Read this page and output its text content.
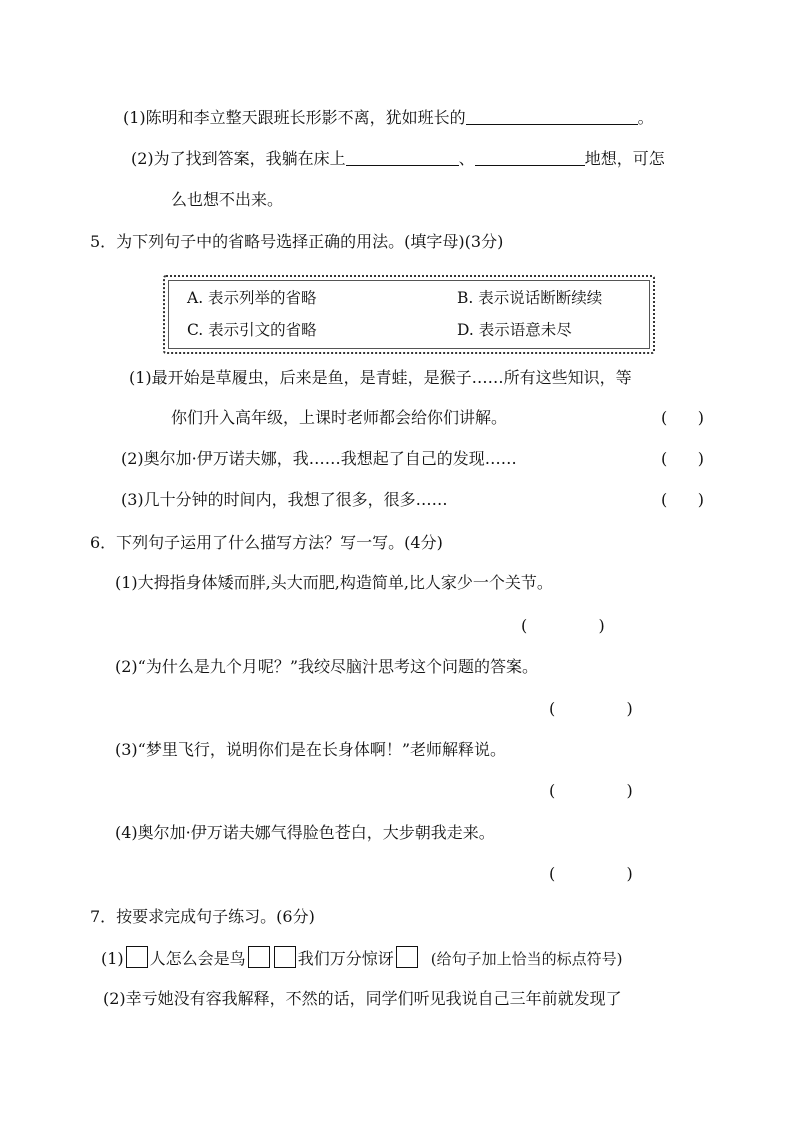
(1)陈明和李立整天跟班长形影不离，犹如班长的	。
(2)为了找到答案，我躺在床上	、	地想，可怎
么也想不出来。
5．为下列句子中的省略号选择正确的用法。(填字母)(3分)
A. 表示列举的省略	B. 表示说话断断续续
C. 表示引文的省略	D. 表示语意未尽
(1)最开始是草履虫，后来是鱼，是青蛙，是猴子……所有这些知识，等
你们升入高年级，上课时老师都会给你们讲解。	(      )
(2)奥尔加·伊万诺夫娜，我……我想起了自己的发现……	(      )
(3)几十分钟的时间内，我想了很多，很多……	(      )
6．下列句子运用了什么描写方法？写一写。(4分)
(1)大拇指身体矮而胖,头大而肥,构造简单,比人家少一个关节。
(              )
(2)“为什么是九个月呢？”我绞尽脑汁思考这个问题的答案。
(              )
(3)“梦里飞行，说明你们是在长身体啊！”老师解释说。
(              )
(4)奥尔加·伊万诺夫娜气得脸色苍白，大步朝我走来。
(              )
7．按要求完成句子练习。(6分)
(1) 人怎么会是鸟	我们万分惊讶 (给句子加上恰当的标点符号)
(2)幸亏她没有容我解释，不然的话，同学们听见我说自己三年前就发现了
